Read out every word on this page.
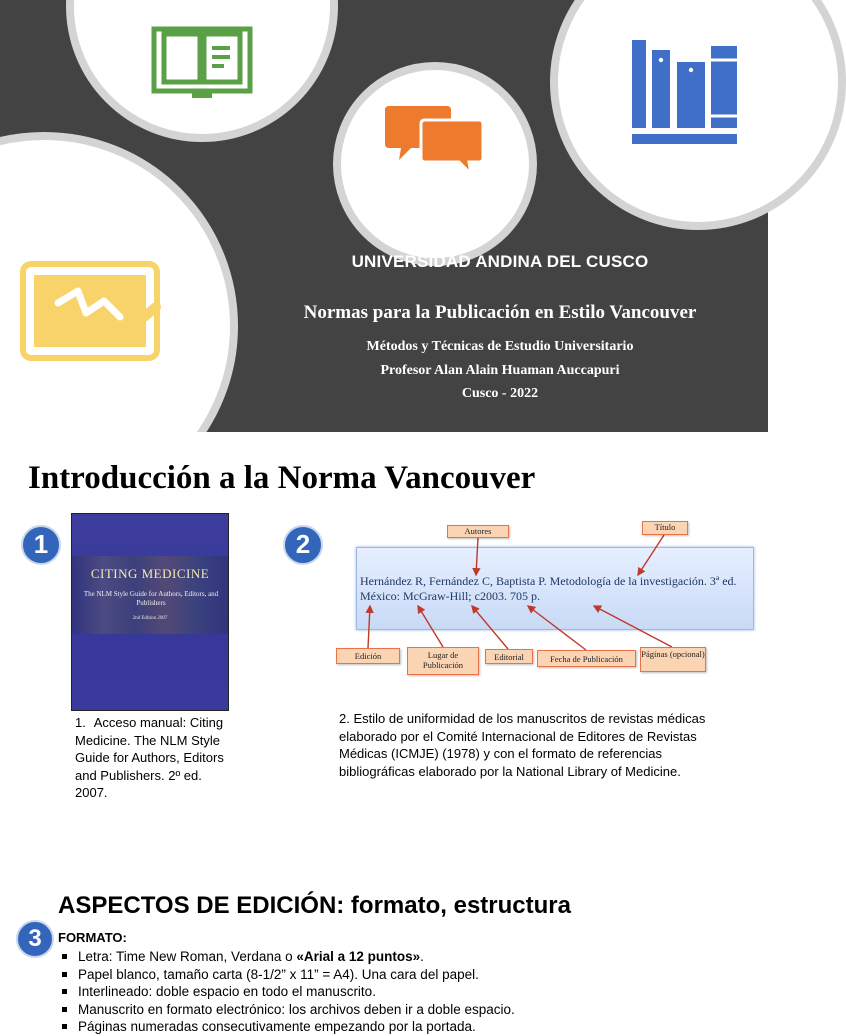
UNIVERSIDAD ANDINA DEL CUSCO
Normas para la Publicación en Estilo Vancouver
Métodos y Técnicas de Estudio Universitario
Profesor Alan Alain Huaman Auccapuri
Cusco - 2022
Introducción a la Norma Vancouver
1	2
CITING MEDICINE
The NLM Style Guide for Authors, Editors, and Publishers
2nd Edition 2007

1. Acceso manual: Citing Medicine. The NLM Style Guide for Authors, Editors and Publishers. 2º ed. 2007.

Hernández R, Fernández C, Baptista P. Metodología de la investigación. 3ª ed. México: McGraw-Hill; c2003. 705 p.
Autores	Título
Edición	Lugar de Publicación
Editorial	Fecha de Publicación	Páginas (opcional)

2. Estilo de uniformidad de los manuscritos de revistas médicas elaborado por el Comité Internacional de Editores de Revistas Médicas (ICMJE) (1978) y con el formato de referencias bibliográficas elaborado por la National Library of Medicine.

ASPECTOS DE EDICIÓN: formato, estructura
3	FORMATO:
Letra: Time New Roman, Verdana o «Arial a 12 puntos».
Papel blanco, tamaño carta (8-1/2” x 11” = A4). Una cara del papel.
Interlineado: doble espacio en todo el manuscrito.
Manuscrito en formato electrónico: los archivos deben ir a doble espacio.
Páginas numeradas consecutivamente empezando por la portada.
